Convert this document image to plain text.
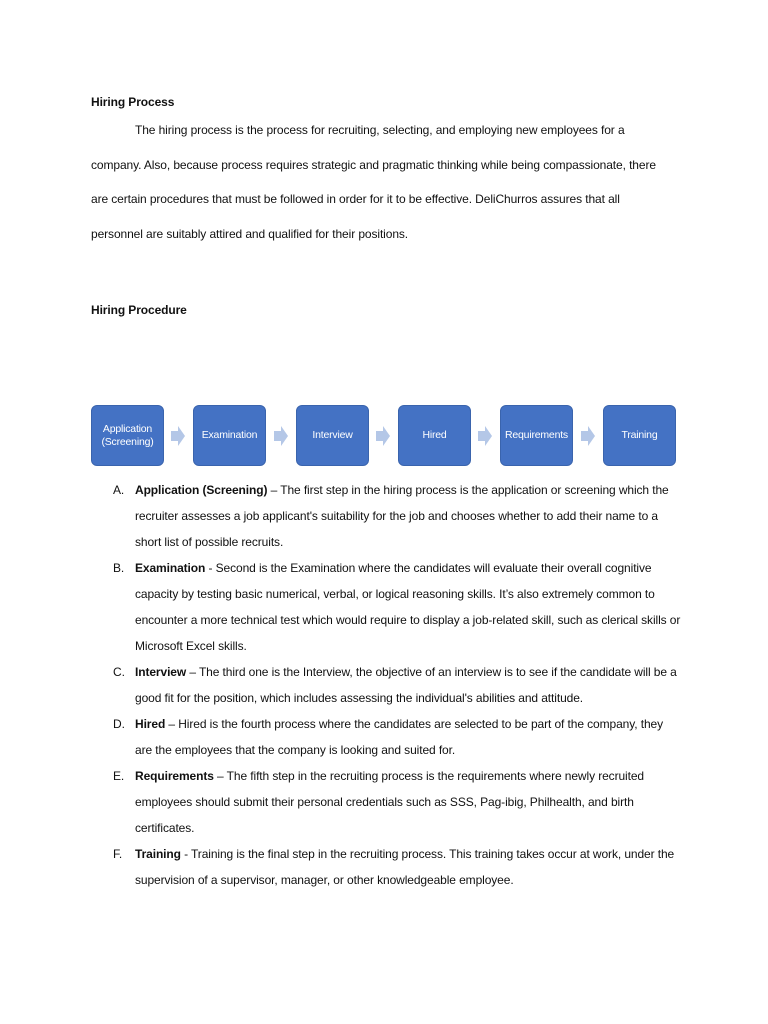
Hiring Process
The hiring process is the process for recruiting, selecting, and employing new employees for a company. Also, because process requires strategic and pragmatic thinking while being compassionate, there are certain procedures that must be followed in order for it to be effective. DeliChurros assures that all personnel are suitably attired and qualified for their positions.
Hiring Procedure
Application
(Screening)
Examination	Interview	Hired	Requirements	Training
A. Application (Screening) – The first step in the hiring process is the application or screening which the recruiter assesses a job applicant's suitability for the job and chooses whether to add their name to a short list of possible recruits.
B. Examination - Second is the Examination where the candidates will evaluate their overall cognitive capacity by testing basic numerical, verbal, or logical reasoning skills. It’s also extremely common to encounter a more technical test which would require to display a job-related skill, such as clerical skills or Microsoft Excel skills.
C. Interview – The third one is the Interview, the objective of an interview is to see if the candidate will be a good fit for the position, which includes assessing the individual's abilities and attitude.
D. Hired – Hired is the fourth process where the candidates are selected to be part of the company, they are the employees that the company is looking and suited for.
E. Requirements – The fifth step in the recruiting process is the requirements where newly recruited employees should submit their personal credentials such as SSS, Pag-ibig, Philhealth, and birth certificates.
F. Training - Training is the final step in the recruiting process. This training takes occur at work, under the supervision of a supervisor, manager, or other knowledgeable employee.
